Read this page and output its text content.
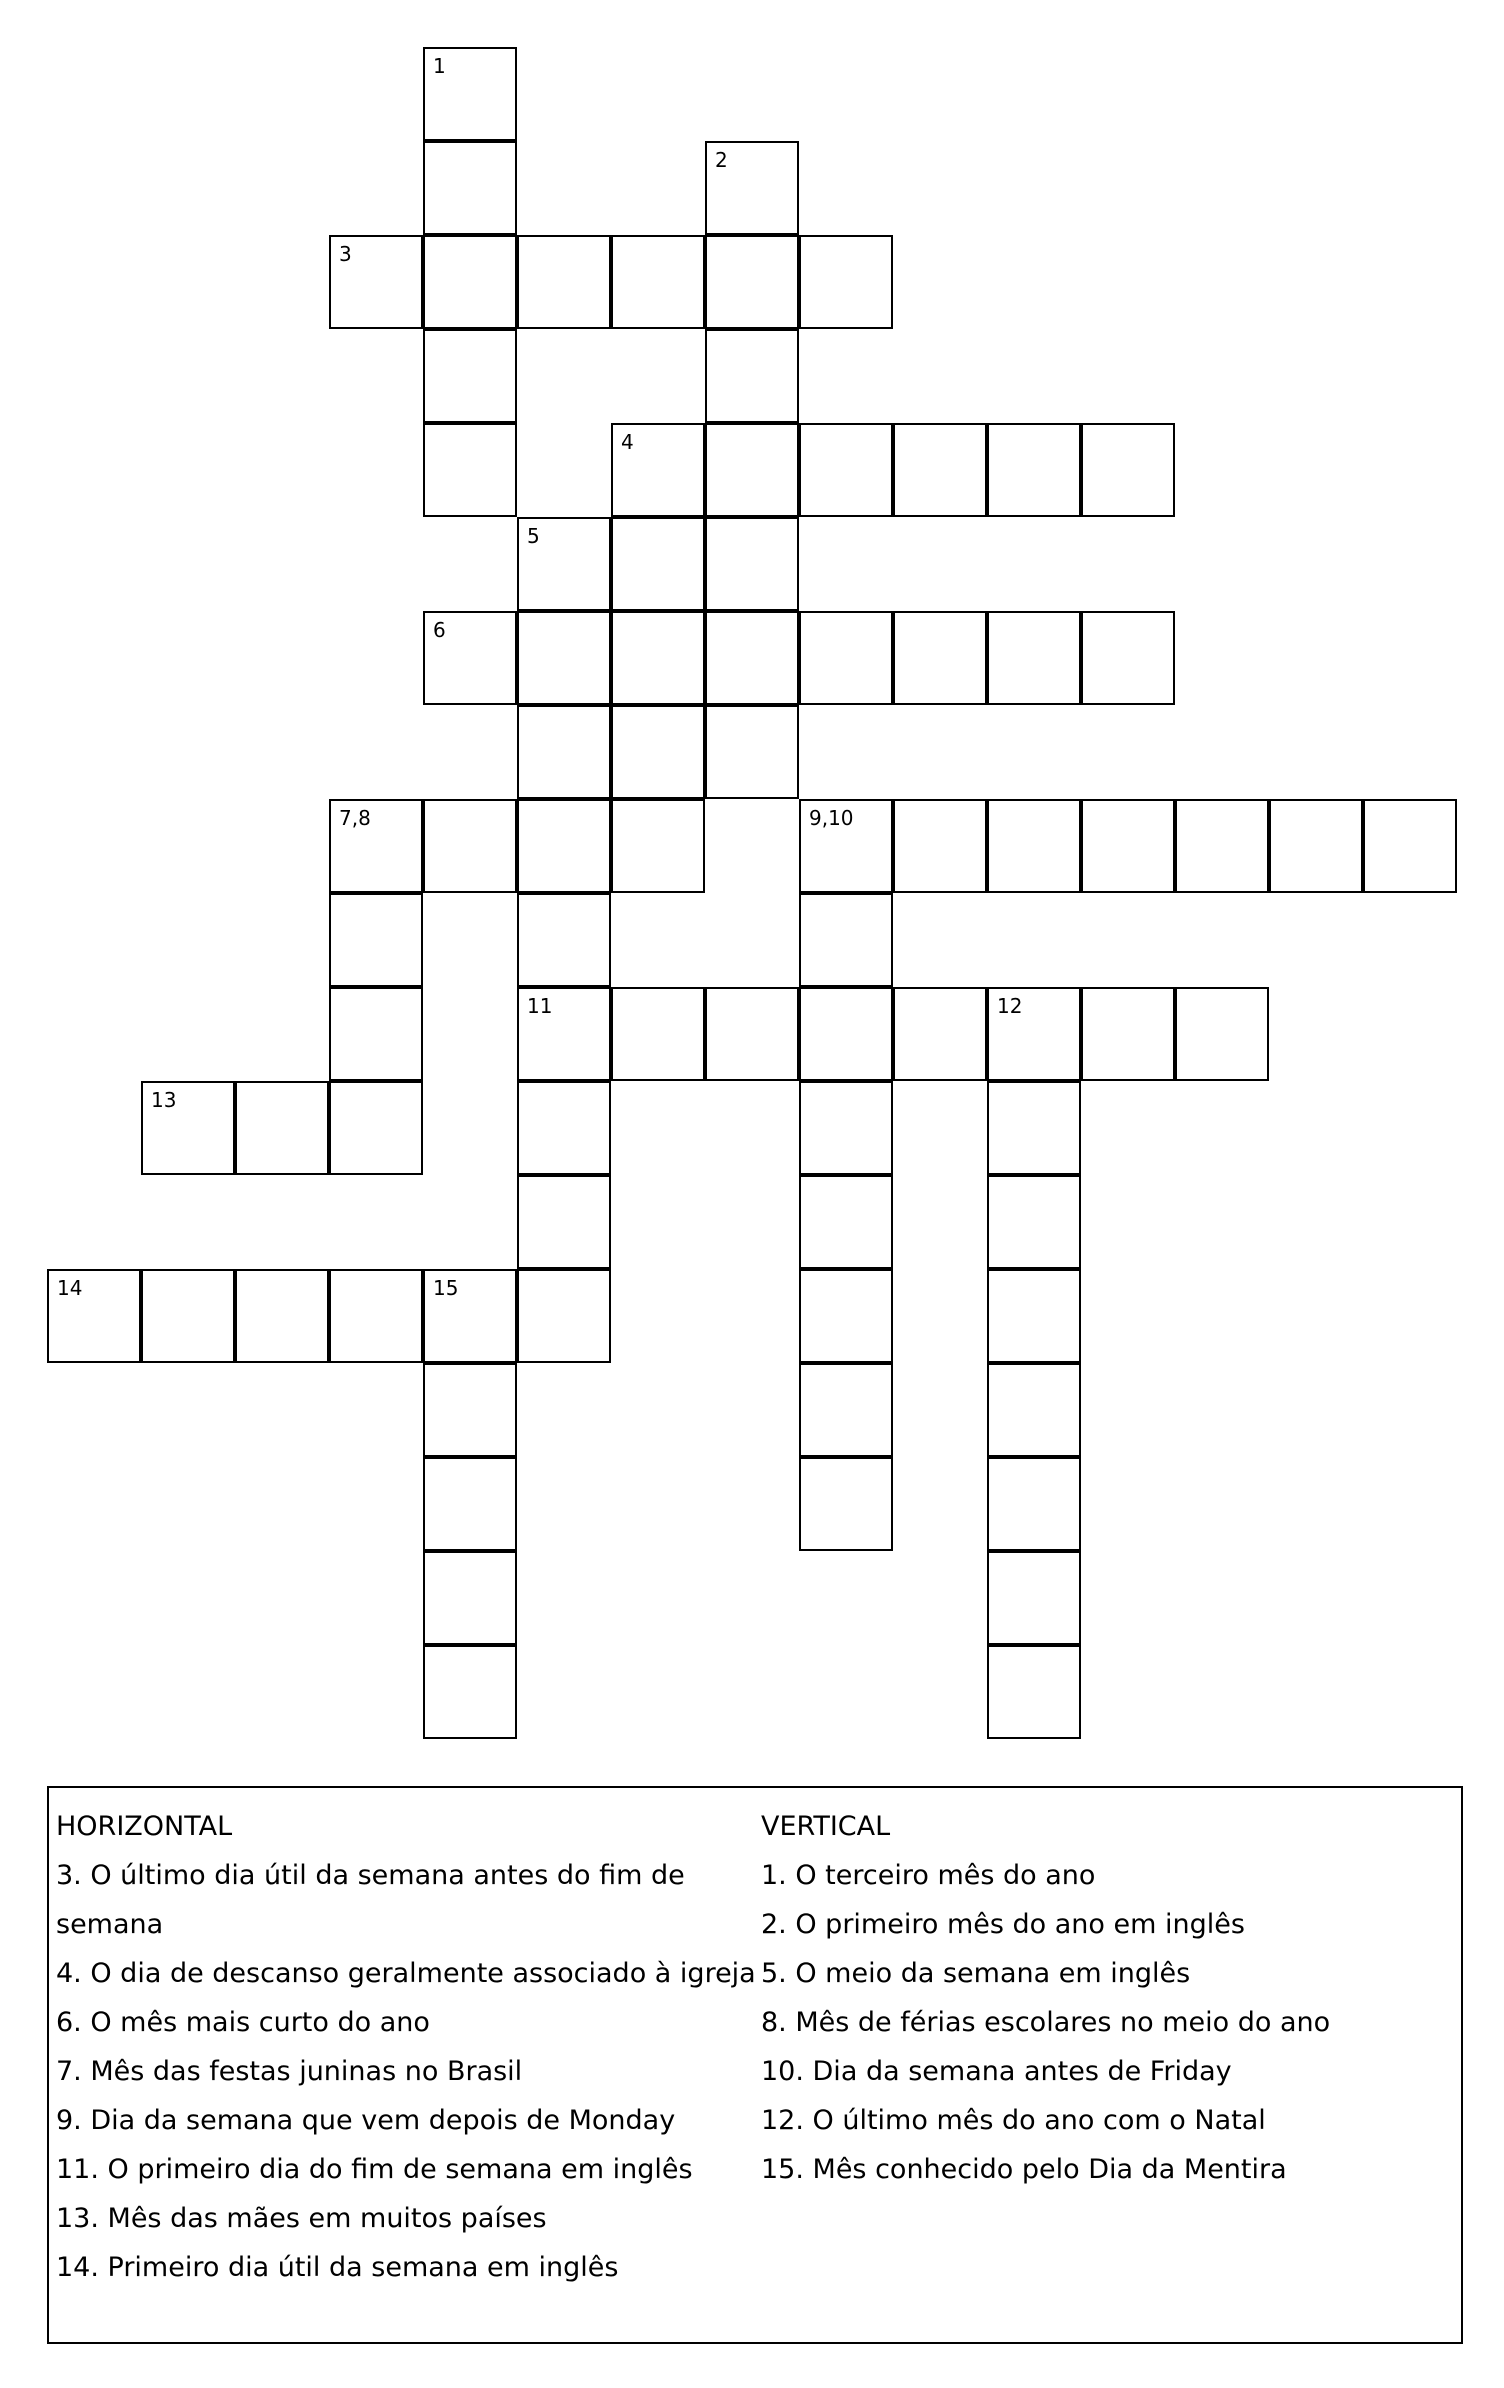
1
3
2
4
5
6
7,8	9,10
11	12
13
14	15
HORIZONTAL
3. O último dia útil da semana antes do fim de semana
4. O dia de descanso geralmente associado à igreja
6. O mês mais curto do ano
7. Mês das festas juninas no Brasil
9. Dia da semana que vem depois de Monday
11. O primeiro dia do fim de semana em inglês
13. Mês das mães em muitos países
14. Primeiro dia útil da semana em inglês
VERTICAL
1. O terceiro mês do ano
2. O primeiro mês do ano em inglês
5. O meio da semana em inglês
8. Mês de férias escolares no meio do ano
10. Dia da semana antes de Friday
12. O último mês do ano com o Natal
15. Mês conhecido pelo Dia da Mentira
